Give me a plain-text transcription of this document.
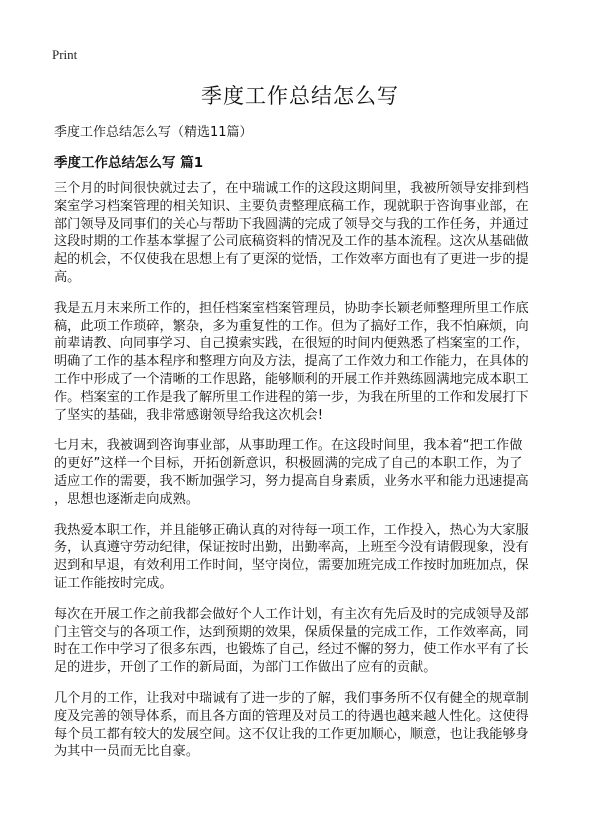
Print
季度工作总结怎么写
季度工作总结怎么写（精选11篇）
季度工作总结怎么写 篇1
三个月的时间很快就过去了，在中瑞诚工作的这段这期间里，我被所领导安排到档
案室学习档案管理的相关知识、主要负责整理底稿工作，现就职于咨询事业部，在
部门领导及同事们的关心与帮助下我圆满的完成了领导交与我的工作任务，并通过
这段时期的工作基本掌握了公司底稿资料的情况及工作的基本流程。这次从基础做
起的机会，不仅使我在思想上有了更深的觉悟，工作效率方面也有了更进一步的提
高。
我是五月末来所工作的，担任档案室档案管理员，协助李长颖老师整理所里工作底
稿，此项工作琐碎，繁杂，多为重复性的工作。但为了搞好工作，我不怕麻烦，向
前辈请教、向同事学习、自己摸索实践，在很短的时间内便熟悉了档案室的工作，
明确了工作的基本程序和整理方向及方法，提高了工作效力和工作能力，在具体的
工作中形成了一个清晰的工作思路，能够顺利的开展工作并熟练圆满地完成本职工
作。档案室的工作是我了解所里工作进程的第一步，为我在所里的工作和发展打下
了坚实的基础，我非常感谢领导给我这次机会!
七月末，我被调到咨询事业部，从事助理工作。在这段时间里，我本着“把工作做
的更好”这样一个目标，开拓创新意识，积极圆满的完成了自己的本职工作，为了
适应工作的需要，我不断加强学习，努力提高自身素质，业务水平和能力迅速提高
，思想也逐渐走向成熟。
我热爱本职工作，并且能够正确认真的对待每一项工作，工作投入，热心为大家服
务，认真遵守劳动纪律，保证按时出勤，出勤率高，上班至今没有请假现象，没有
迟到和早退，有效利用工作时间，坚守岗位，需要加班完成工作按时加班加点，保
证工作能按时完成。
每次在开展工作之前我都会做好个人工作计划，有主次有先后及时的完成领导及部
门主管交与的各项工作，达到预期的效果，保质保量的完成工作，工作效率高，同
时在工作中学习了很多东西，也锻炼了自己，经过不懈的努力，使工作水平有了长
足的进步，开创了工作的新局面，为部门工作做出了应有的贡献。
几个月的工作，让我对中瑞诚有了进一步的了解，我们事务所不仅有健全的规章制
度及完善的领导体系，而且各方面的管理及对员工的待遇也越来越人性化。这使得
每个员工都有较大的发展空间。这不仅让我的工作更加顺心，顺意，也让我能够身
为其中一员而无比自豪。
